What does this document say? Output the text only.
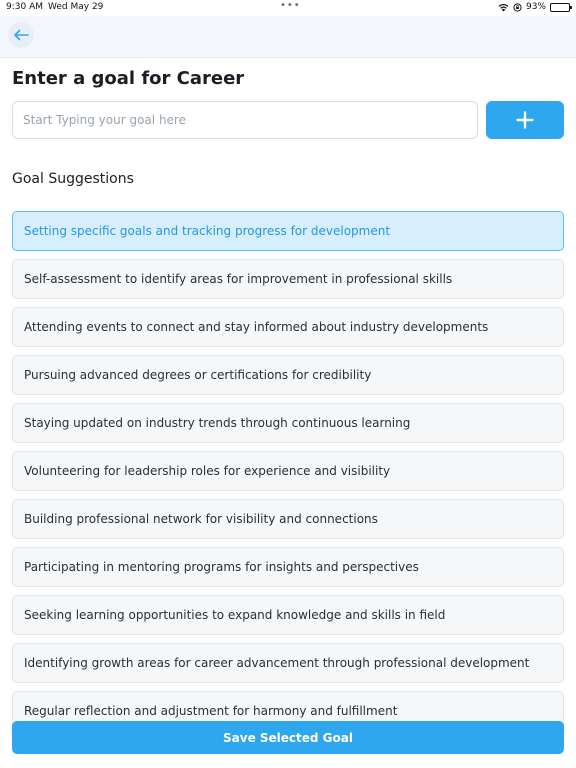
9:30 AM Wed May 29	•••	93%
Enter a goal for Career
Start Typing your goal here
Goal Suggestions
Setting specific goals and tracking progress for development
Self-assessment to identify areas for improvement in professional skills
Attending events to connect and stay informed about industry developments
Pursuing advanced degrees or certifications for credibility
Staying updated on industry trends through continuous learning
Volunteering for leadership roles for experience and visibility
Building professional network for visibility and connections
Participating in mentoring programs for insights and perspectives
Seeking learning opportunities to expand knowledge and skills in field
Identifying growth areas for career advancement through professional development
Regular reflection and adjustment for harmony and fulfillment
Save Selected Goal
